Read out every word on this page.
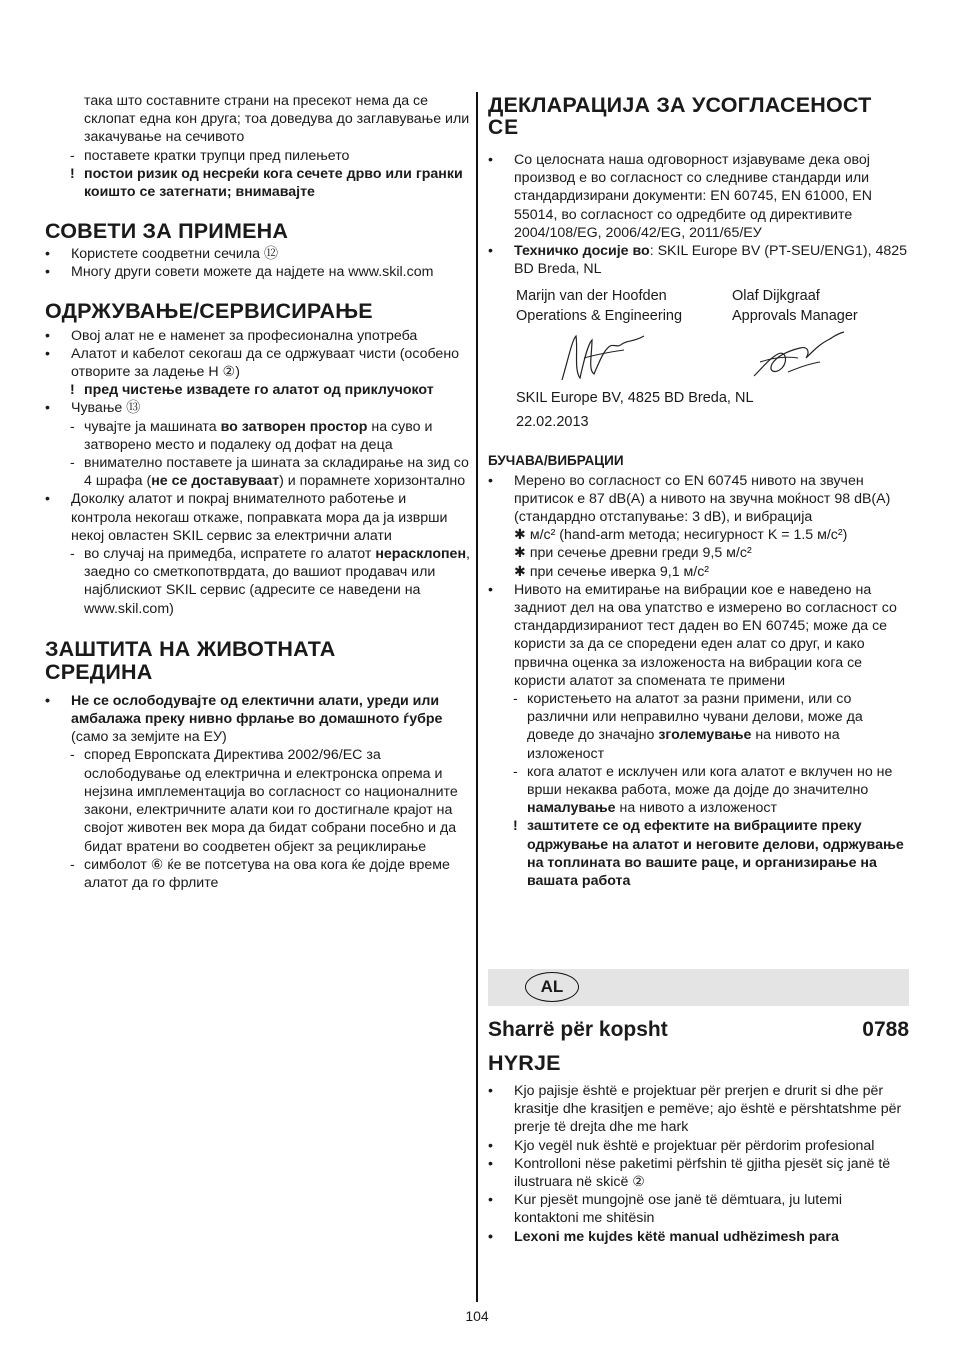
така што составните страни на пресекот нема да се склопат една кон друга; тоа доведува до заглавување или закачување на сечивото

- поставете кратки трупци пред пилењето

! постои ризик од несреќи кога сечете дрво или гранки коишто се затегнати; внимавајте

СОВЕТИ ЗА ПРИМЕНА

• Користете соодветни сечила ⑫

• Многу други совети можете да најдете на www.skil.com

ОДРЖУВАЊЕ/СЕРВИСИРАЊЕ

• Овој алат не е наменет за професионална употреба

• Алатот и кабелот секогаш да се одржуваат чисти (особено отворите за ладење H ②)

! пред чистење извадете го алатот од приклучокот

• Чување ⑬

- чувајте ја машината во затворен простор на суво и затворено место и подалеку од дофат на деца

- внимателно поставете ја шината за складирање на зид со 4 шрафа (не се доставуваат) и порамнете хоризонтално

• Доколку алатот и покрај внимателното работење и контрола некогаш откаже, поправката мора да ја изврши некој овластен SKIL сервис за електрични алати

- во случај на примедба, испратете го алатот нерасклопен, заедно со сметкопотврдата, до вашиот продавач или најблискиот SKIL сервис (адресите се наведени на www.skil.com)

ЗАШТИТА НА ЖИВОТНАТА СРЕДИНА

• Не се ослободувајте од електични алати, уреди или амбалажа преку нивно фрлање во домашното ѓубре (само за земјите на ЕУ)

- според Европската Директива 2002/96/EC за ослободување од електрична и електронска опрема и нејзина имплементација во согласност со националните закони, електричните алати кои го достигнале крајот на својот животен век мора да бидат собрани посебно и да бидат вратени во соодветен објект за рециклирање

- симболот ⑥ ќе ве потсетува на ова кога ќе дојде време алатот да го фрлите

ДЕКЛАРАЦИЈА ЗА УСОГЛАСЕНОСТ
CE

• Со целосната наша одговорност изјавуваме дека овој производ е во согласност со следниве стандарди или стандардизирани документи: EN 60745, EN 61000, EN 55014, во согласност со одредбите од директивите 2004/108/EG, 2006/42/EG, 2011/65/ЕУ

• Техничко досије во: SKIL Europe BV (PT-SEU/ENG1), 4825 BD Breda, NL

Marijn van der Hoofden
Operations & Engineering
Olaf Dijkgraaf
Approvals Manager
SKIL Europe BV, 4825 BD Breda, NL
22.02.2013
БУЧАВА/ВИБРАЦИИ

• Мерено во согласност со EN 60745 нивото на звучен притисок е 87 dB(A) а нивото на звучна моќност 98 dB(A) (стандардно отстапување: 3 dB), и вибрација

✱ м/с² (hand-arm метода; несигурност K = 1.5 м/с²)

✱ при сечење древни греди 9,5 м/с²

✱ при сечење иверка 9,1 м/с²

• Нивото на емитирање на вибрации кое е наведено на задниот дел на ова упатство е измерено во согласност со стандардизираниот тест даден во EN 60745; може да се користи за да се споредени еден алат со друг, и како првична оценка за изложеноста на вибрации кога се користи алатот за спомената тe примени

- користењето на алатот за разни примени, или со различни или неправилно чувани делови, може да доведе до значајно зголемување на нивото на изложеност

- кога алатот е исклучен или кога алатот е вклучен но не врши некаква работа, може да дојде до значително намалување на нивото а изложеност

! заштитете се од ефектите на вибрациите преку одржување на алатот и неговите делови, одржување на топлината во вашите раце, и организирање на вашата работа

AL
Sharrë për kopsht	0788
HYRJE

• Kjo pajisje është e projektuar për prerjen e drurit si dhe për krasitje dhe krasitjen e pemëve; ajo është e përshtatshme për prerje të drejta dhe me hark

• Kjo vegël nuk është e projektuar për përdorim profesional

• Kontrolloni nëse paketimi përfshin të gjitha pjesët siç janë të ilustruara në skicë ②

• Kur pjesët mungojnë ose janë të dëmtuara, ju lutemi kontaktoni me shitësin

• Lexoni me kujdes këtë manual udhëzimesh para

104
